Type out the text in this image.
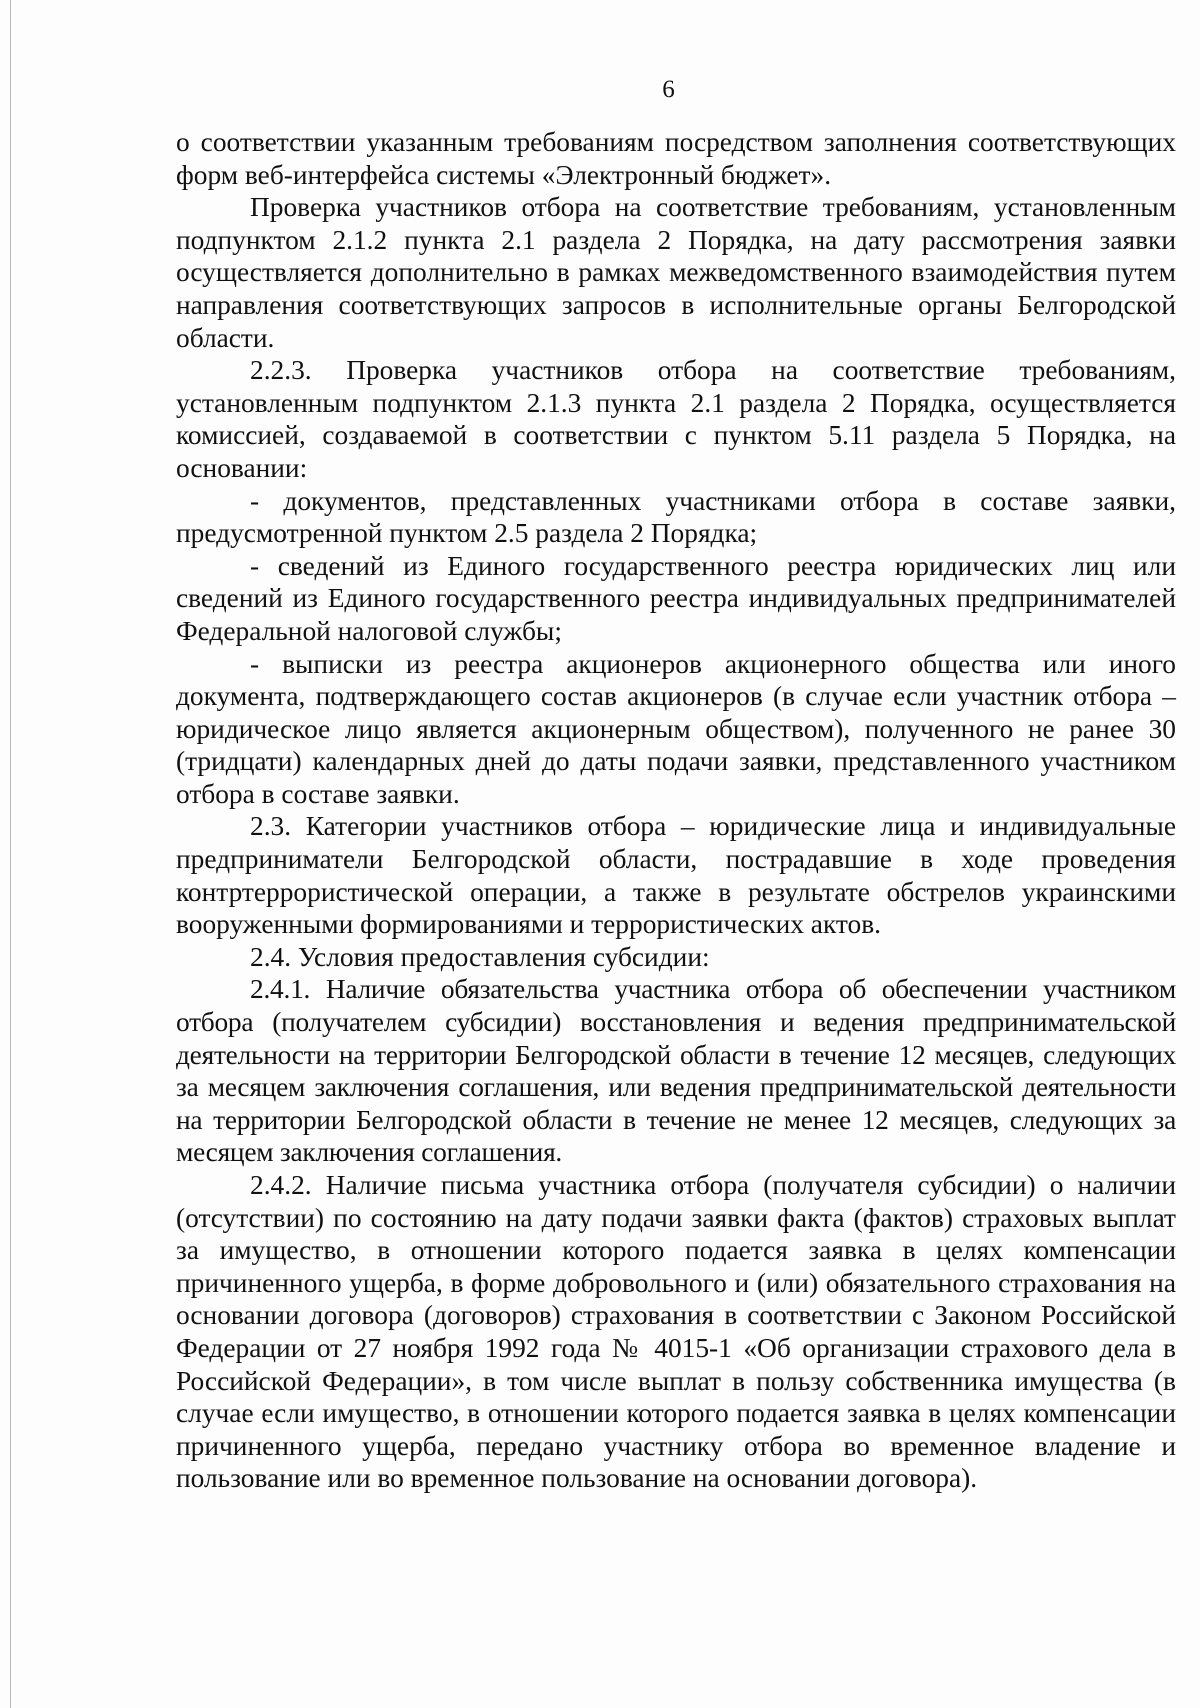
6

о соответствии указанным требованиям посредством заполнения соответствующих форм веб-интерфейса системы «Электронный бюджет».

Проверка участников отбора на соответствие требованиям, установленным подпунктом 2.1.2 пункта 2.1 раздела 2 Порядка, на дату рассмотрения заявки осуществляется дополнительно в рамках межведомственного взаимодействия путем направления соответствующих запросов в исполнительные органы Белгородской области.

2.2.3. Проверка участников отбора на соответствие требованиям, установленным подпунктом 2.1.3 пункта 2.1 раздела 2 Порядка, осуществляется комиссией, создаваемой в соответствии с пунктом 5.11 раздела 5 Порядка, на основании:

- документов, представленных участниками отбора в составе заявки, предусмотренной пунктом 2.5 раздела 2 Порядка;

- сведений из Единого государственного реестра юридических лиц или сведений из Единого государственного реестра индивидуальных предпринимателей Федеральной налоговой службы;

- выписки из реестра акционеров акционерного общества или иного документа, подтверждающего состав акционеров (в случае если участник отбора – юридическое лицо является акционерным обществом), полученного не ранее 30 (тридцати) календарных дней до даты подачи заявки, представленного участником отбора в составе заявки.

2.3. Категории участников отбора – юридические лица и индивидуальные предприниматели Белгородской области, пострадавшие в ходе проведения контртеррористической операции, а также в результате обстрелов украинскими вооруженными формированиями и террористических актов.

2.4. Условия предоставления субсидии:

2.4.1. Наличие обязательства участника отбора об обеспечении участником отбора (получателем субсидии) восстановления и ведения предпринимательской деятельности на территории Белгородской области в течение 12 месяцев, следующих за месяцем заключения соглашения, или ведения предпринимательской деятельности на территории Белгородской области в течение не менее 12 месяцев, следующих за месяцем заключения соглашения.

2.4.2. Наличие письма участника отбора (получателя субсидии) о наличии (отсутствии) по состоянию на дату подачи заявки факта (фактов) страховых выплат за имущество, в отношении которого подается заявка в целях компенсации причиненного ущерба, в форме добровольного и (или) обязательного страхования на основании договора (договоров) страхования в соответствии с Законом Российской Федерации от 27 ноября 1992 года № 4015-1 «Об организации страхового дела в Российской Федерации», в том числе выплат в пользу собственника имущества (в случае если имущество, в отношении которого подается заявка в целях компенсации причиненного ущерба, передано участнику отбора во временное владение и пользование или во временное пользование на основании договора).
